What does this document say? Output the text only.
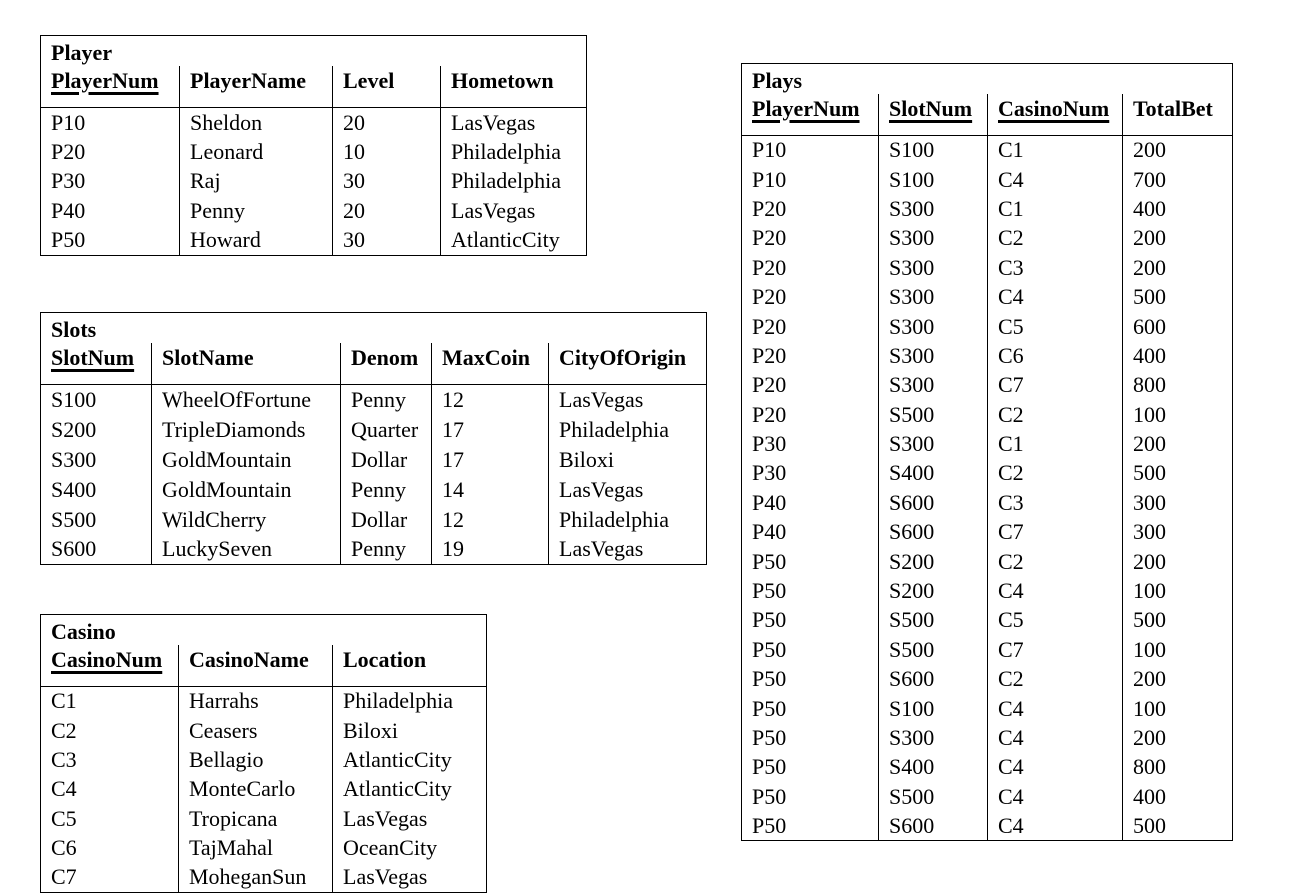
Player			
PlayerNum	PlayerName	Level	Hometown
P10	Sheldon	20	LasVegas
P20	Leonard	10	Philadelphia
P30	Raj	30	Philadelphia
P40	Penny	20	LasVegas
P50	Howard	30	AtlanticCity
Slots				
SlotNum	SlotName	Denom	MaxCoin	CityOfOrigin
S100	WheelOfFortune	Penny	12	LasVegas
S200	TripleDiamonds	Quarter	17	Philadelphia
S300	GoldMountain	Dollar	17	Biloxi
S400	GoldMountain	Penny	14	LasVegas
S500	WildCherry	Dollar	12	Philadelphia
S600	LuckySeven	Penny	19	LasVegas
Casino		
CasinoNum	CasinoName	Location
C1	Harrahs	Philadelphia
C2	Ceasers	Biloxi
C3	Bellagio	AtlanticCity
C4	MonteCarlo	AtlanticCity
C5	Tropicana	LasVegas
C6	TajMahal	OceanCity
C7	MoheganSun	LasVegas
Plays			
PlayerNum	SlotNum	CasinoNum	TotalBet
P10	S100	C1	200
P10	S100	C4	700
P20	S300	C1	400
P20	S300	C2	200
P20	S300	C3	200
P20	S300	C4	500
P20	S300	C5	600
P20	S300	C6	400
P20	S300	C7	800
P20	S500	C2	100
P30	S300	C1	200
P30	S400	C2	500
P40	S600	C3	300
P40	S600	C7	300
P50	S200	C2	200
P50	S200	C4	100
P50	S500	C5	500
P50	S500	C7	100
P50	S600	C2	200
P50	S100	C4	100
P50	S300	C4	200
P50	S400	C4	800
P50	S500	C4	400
P50	S600	C4	500
